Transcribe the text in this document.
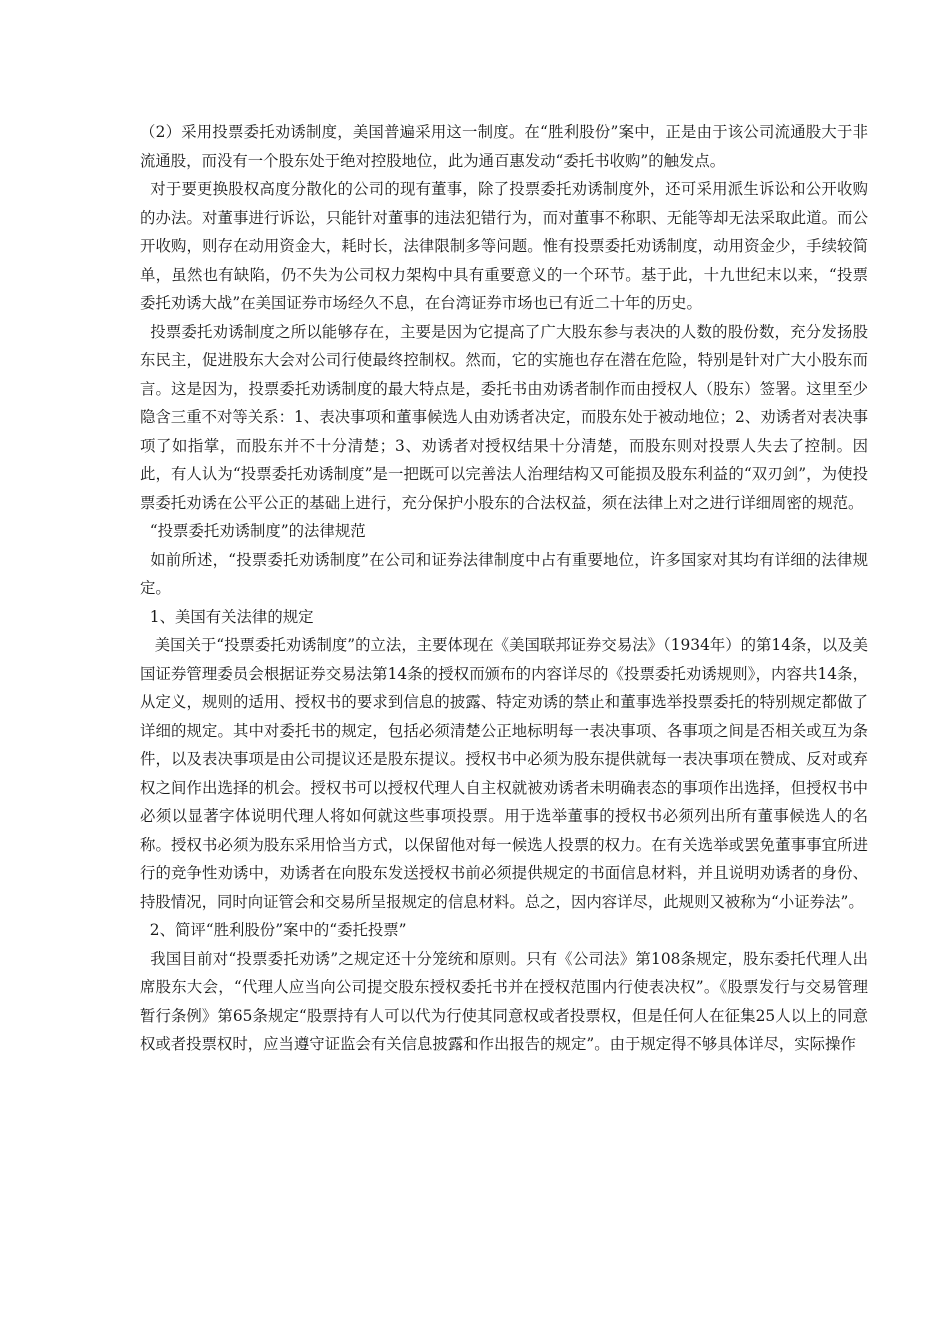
（2）采用投票委托劝诱制度，美国普遍采用这一制度。在“胜利股份”案中，正是由于该公司流通股大于非流通股，而没有一个股东处于绝对控股地位，此为通百惠发动“委托书收购”的触发点。

对于要更换股权高度分散化的公司的现有董事，除了投票委托劝诱制度外，还可采用派生诉讼和公开收购的办法。对董事进行诉讼，只能针对董事的违法犯错行为，而对董事不称职、无能等却无法采取此道。而公开收购，则存在动用资金大，耗时长，法律限制多等问题。惟有投票委托劝诱制度，动用资金少，手续较简单，虽然也有缺陷，仍不失为公司权力架构中具有重要意义的一个环节。基于此，十九世纪末以来，“投票委托劝诱大战”在美国证券市场经久不息，在台湾证券市场也已有近二十年的历史。

投票委托劝诱制度之所以能够存在，主要是因为它提高了广大股东参与表决的人数的股份数，充分发扬股东民主，促进股东大会对公司行使最终控制权。然而，它的实施也存在潜在危险，特别是针对广大小股东而言。这是因为，投票委托劝诱制度的最大特点是，委托书由劝诱者制作而由授权人（股东）签署。这里至少隐含三重不对等关系：1、表决事项和董事候选人由劝诱者决定，而股东处于被动地位；2、劝诱者对表决事项了如指掌，而股东并不十分清楚；3、劝诱者对授权结果十分清楚，而股东则对投票人失去了控制。因此，有人认为“投票委托劝诱制度”是一把既可以完善法人治理结构又可能损及股东利益的“双刃剑”，为使投票委托劝诱在公平公正的基础上进行，充分保护小股东的合法权益，须在法律上对之进行详细周密的规范。

“投票委托劝诱制度”的法律规范

如前所述，“投票委托劝诱制度”在公司和证券法律制度中占有重要地位，许多国家对其均有详细的法律规定。

1、美国有关法律的规定

美国关于“投票委托劝诱制度”的立法，主要体现在《美国联邦证券交易法》（1934年）的第14条，以及美国证券管理委员会根据证券交易法第14条的授权而颁布的内容详尽的《投票委托劝诱规则》，内容共14条，从定义，规则的适用、授权书的要求到信息的披露、特定劝诱的禁止和董事选举投票委托的特别规定都做了详细的规定。其中对委托书的规定，包括必须清楚公正地标明每一表决事项、各事项之间是否相关或互为条件，以及表决事项是由公司提议还是股东提议。授权书中必须为股东提供就每一表决事项在赞成、反对或弃权之间作出选择的机会。授权书可以授权代理人自主权就被劝诱者未明确表态的事项作出选择，但授权书中必须以显著字体说明代理人将如何就这些事项投票。用于选举董事的授权书必须列出所有董事候选人的名称。授权书必须为股东采用恰当方式，以保留他对每一候选人投票的权力。在有关选举或罢免董事事宜所进行的竞争性劝诱中，劝诱者在向股东发送授权书前必须提供规定的书面信息材料，并且说明劝诱者的身份、持股情况，同时向证管会和交易所呈报规定的信息材料。总之，因内容详尽，此规则又被称为“小证券法”。

2、简评“胜利股份”案中的“委托投票”

我国目前对“投票委托劝诱”之规定还十分笼统和原则。只有《公司法》第108条规定，股东委托代理人出席股东大会，“代理人应当向公司提交股东授权委托书并在授权范围内行使表决权”。《股票发行与交易管理暂行条例》第65条规定“股票持有人可以代为行使其同意权或者投票权，但是任何人在征集25人以上的同意权或者投票权时，应当遵守证监会有关信息披露和作出报告的规定”。由于规定得不够具体详尽，实际操作
